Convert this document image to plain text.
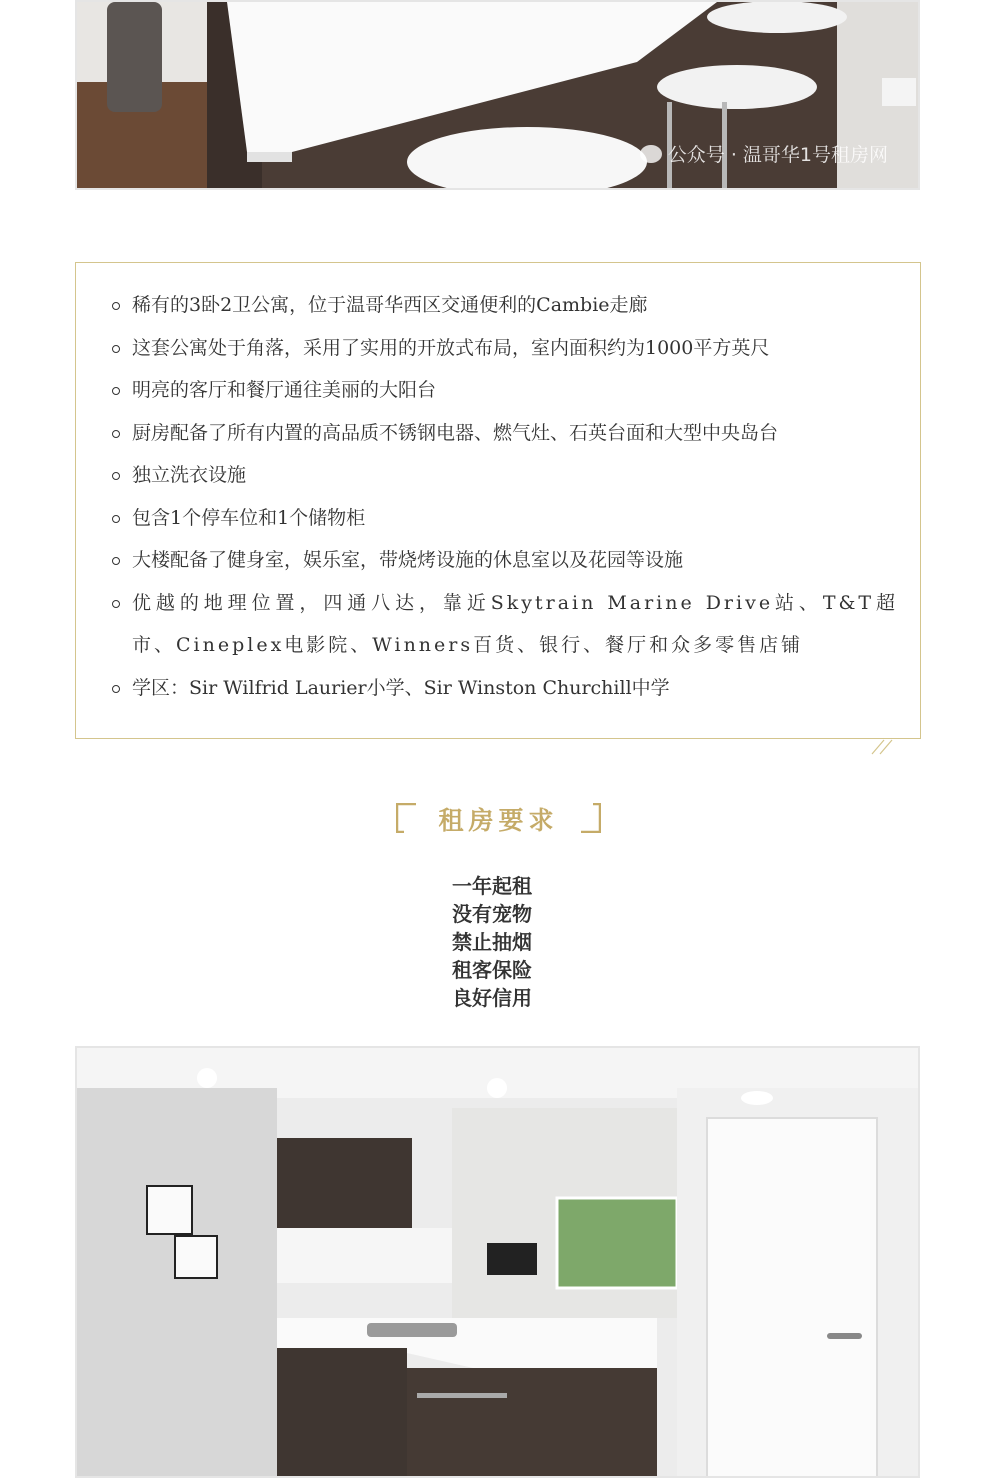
公众号 · 温哥华1号租房网
稀有的3卧2卫公寓，位于温哥华西区交通便利的Cambie走廊
这套公寓处于角落，采用了实用的开放式布局，室内面积约为1000平方英尺
明亮的客厅和餐厅通往美丽的大阳台
厨房配备了所有内置的高品质不锈钢电器、燃气灶、石英台面和大型中央岛台
独立洗衣设施
包含1个停车位和1个储物柜
大楼配备了健身室，娱乐室，带烧烤设施的休息室以及花园等设施
优越的地理位置，四通八达，靠近Skytrain Marine Drive站、T&T超市、Cineplex电影院、Winners百货、银行、餐厅和众多零售店铺
学区：Sir Wilfrid Laurier小学、Sir Winston Churchill中学
租房要求
一年起租
没有宠物
禁止抽烟
租客保险
良好信用
